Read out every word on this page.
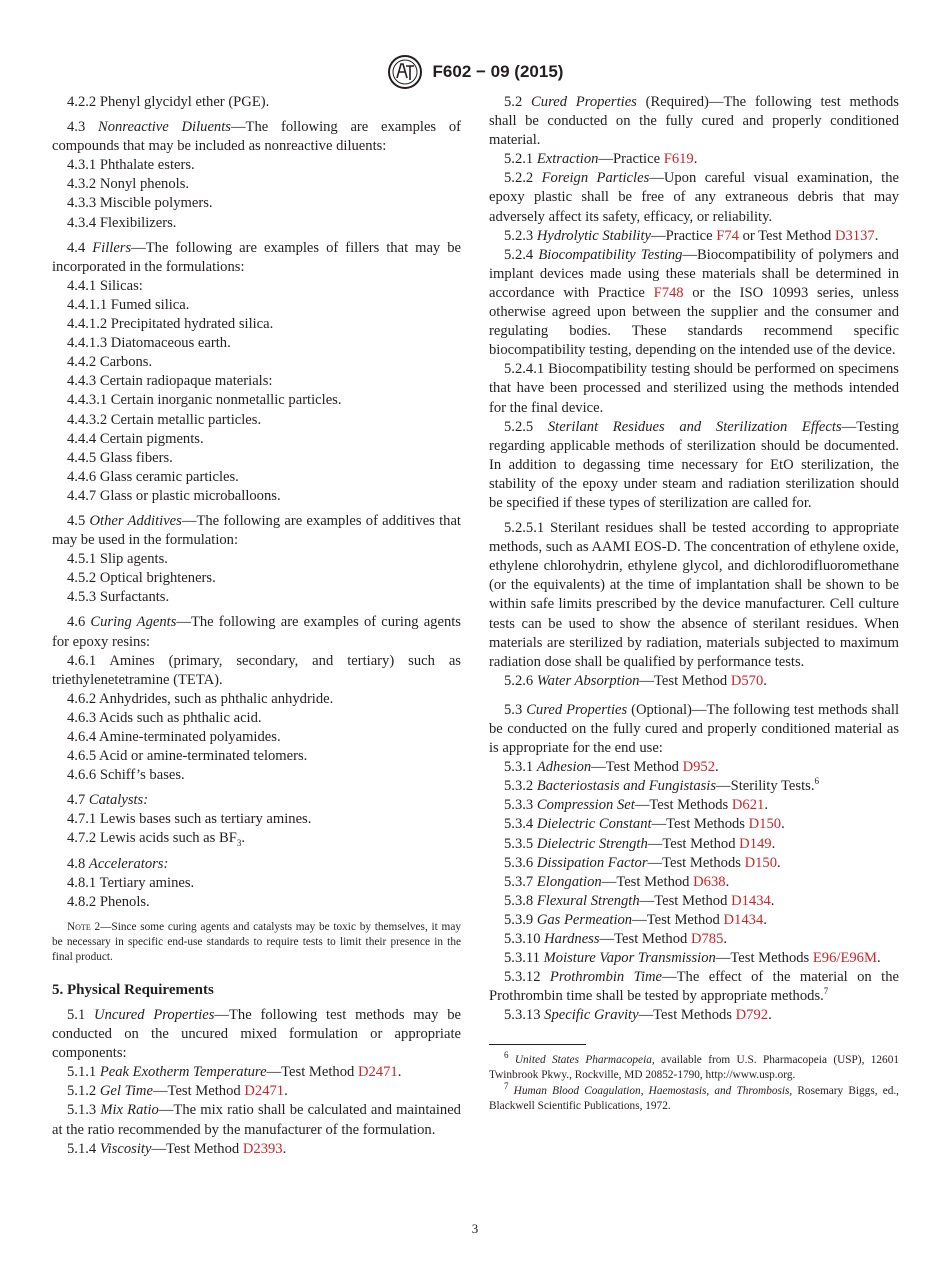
F602 − 09 (2015)

4.2.2 Phenyl glycidyl ether (PGE).

4.3 Nonreactive Diluents—The following are examples of compounds that may be included as nonreactive diluents:

4.3.1 Phthalate esters.

4.3.2 Nonyl phenols.

4.3.3 Miscible polymers.

4.3.4 Flexibilizers.

4.4 Fillers—The following are examples of fillers that may be incorporated in the formulations:

4.4.1 Silicas:

4.4.1.1 Fumed silica.

4.4.1.2 Precipitated hydrated silica.

4.4.1.3 Diatomaceous earth.

4.4.2 Carbons.

4.4.3 Certain radiopaque materials:

4.4.3.1 Certain inorganic nonmetallic particles.

4.4.3.2 Certain metallic particles.

4.4.4 Certain pigments.

4.4.5 Glass fibers.

4.4.6 Glass ceramic particles.

4.4.7 Glass or plastic microballoons.

4.5 Other Additives—The following are examples of additives that may be used in the formulation:

4.5.1 Slip agents.

4.5.2 Optical brighteners.

4.5.3 Surfactants.

4.6 Curing Agents—The following are examples of curing agents for epoxy resins:

4.6.1 Amines (primary, secondary, and tertiary) such as triethylenetetramine (TETA).

4.6.2 Anhydrides, such as phthalic anhydride.

4.6.3 Acids such as phthalic acid.

4.6.4 Amine-terminated polyamides.

4.6.5 Acid or amine-terminated telomers.

4.6.6 Schiff’s bases.

4.7 Catalysts:

4.7.1 Lewis bases such as tertiary amines.

4.7.2 Lewis acids such as $BF_3$.

4.8 Accelerators:

4.8.1 Tertiary amines.

4.8.2 Phenols.

Note 2—Since some curing agents and catalysts may be toxic by themselves, it may be necessary in specific end-use standards to require tests to limit their presence in the final product.

5. Physical Requirements

5.1 Uncured Properties—The following test methods may be conducted on the uncured mixed formulation or appropriate components:

5.1.1 Peak Exotherm Temperature—Test Method D2471.

5.1.2 Gel Time—Test Method D2471.

5.1.3 Mix Ratio—The mix ratio shall be calculated and maintained at the ratio recommended by the manufacturer of the formulation.

5.1.4 Viscosity—Test Method D2393.

5.2 Cured Properties (Required)—The following test methods shall be conducted on the fully cured and properly conditioned material.

5.2.1 Extraction—Practice F619.

5.2.2 Foreign Particles—Upon careful visual examination, the epoxy plastic shall be free of any extraneous debris that may adversely affect its safety, efficacy, or reliability.

5.2.3 Hydrolytic Stability—Practice F74 or Test Method D3137.

5.2.4 Biocompatibility Testing—Biocompatibility of polymers and implant devices made using these materials shall be determined in accordance with Practice F748 or the ISO 10993 series, unless otherwise agreed upon between the supplier and the consumer and regulating bodies. These standards recommend specific biocompatibility testing, depending on the intended use of the device.

5.2.4.1 Biocompatibility testing should be performed on specimens that have been processed and sterilized using the methods intended for the final device.

5.2.5 Sterilant Residues and Sterilization Effects—Testing regarding applicable methods of sterilization should be documented. In addition to degassing time necessary for EtO sterilization, the stability of the epoxy under steam and radiation sterilization should be specified if these types of sterilization are called for.

5.2.5.1 Sterilant residues shall be tested according to appropriate methods, such as AAMI EOS-D. The concentration of ethylene oxide, ethylene chlorohydrin, ethylene glycol, and dichlorodifluoromethane (or the equivalents) at the time of implantation shall be shown to be within safe limits prescribed by the device manufacturer. Cell culture tests can be used to show the absence of sterilant residues. When materials are sterilized by radiation, materials subjected to maximum radiation dose shall be qualified by performance tests.

5.2.6 Water Absorption—Test Method D570.

5.3 Cured Properties (Optional)—The following test methods shall be conducted on the fully cured and properly conditioned material as is appropriate for the end use:

5.3.1 Adhesion—Test Method D952.

5.3.2 Bacteriostasis and Fungistasis—Sterility Tests.$^6$

5.3.3 Compression Set—Test Methods D621.

5.3.4 Dielectric Constant—Test Methods D150.

5.3.5 Dielectric Strength—Test Method D149.

5.3.6 Dissipation Factor—Test Methods D150.

5.3.7 Elongation—Test Method D638.

5.3.8 Flexural Strength—Test Method D1434.

5.3.9 Gas Permeation—Test Method D1434.

5.3.10 Hardness—Test Method D785.

5.3.11 Moisture Vapor Transmission—Test Methods E96/E96M.

5.3.12 Prothrombin Time—The effect of the material on the Prothrombin time shall be tested by appropriate methods.$^7$

5.3.13 Specific Gravity—Test Methods D792.

$^6$ United States Pharmacopeia, available from U.S. Pharmacopeia (USP), 12601 Twinbrook Pkwy., Rockville, MD 20852-1790, http://www.usp.org.

$^7$ Human Blood Coagulation, Haemostasis, and Thrombosis, Rosemary Biggs, ed., Blackwell Scientific Publications, 1972.

3
